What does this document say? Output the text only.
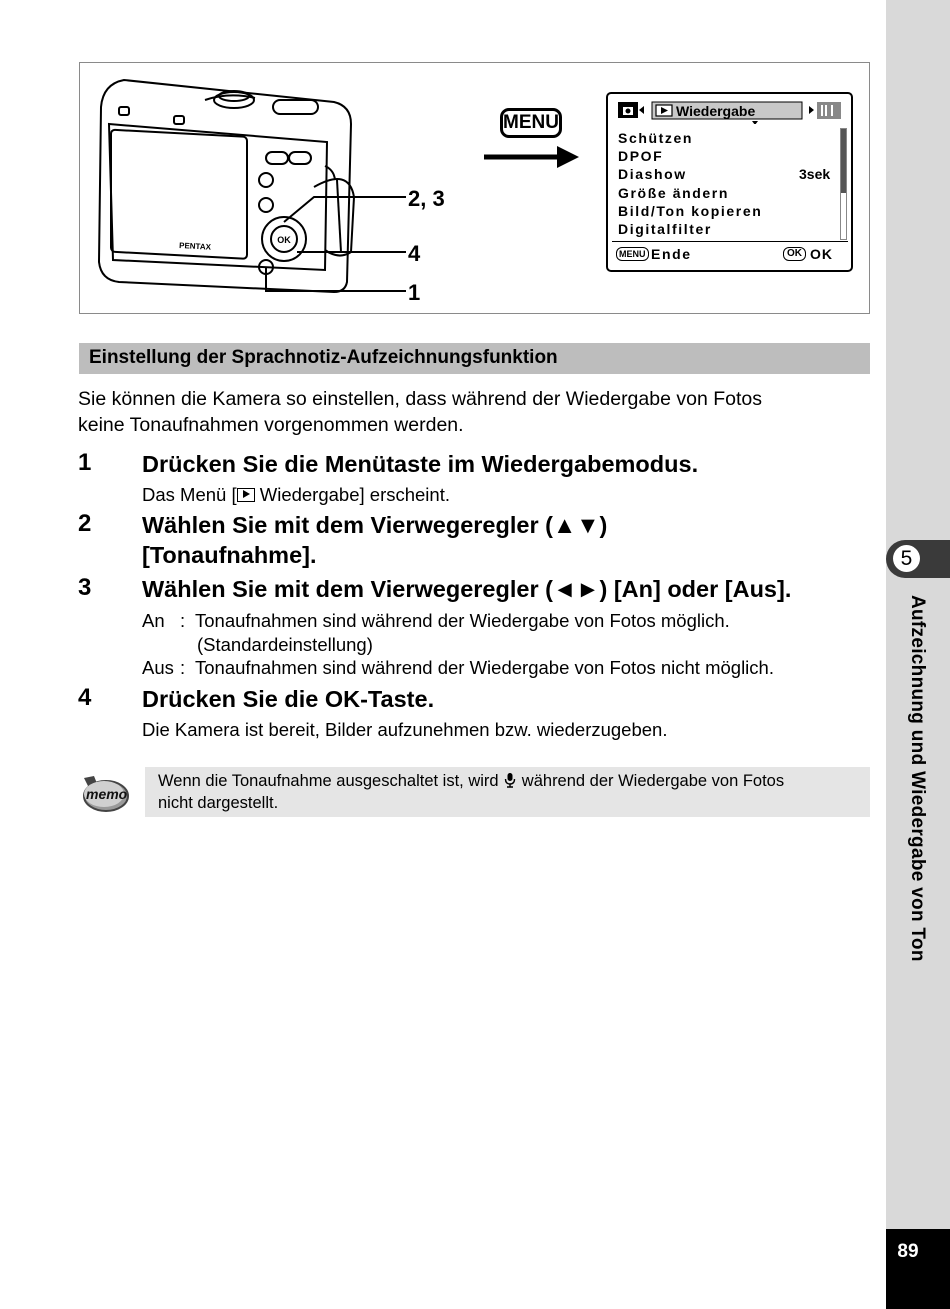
5
Aufzeichnung und Wiedergabe von Ton
89
OK
PENTAX
2, 3
4
1
MENU
Wiedergabe
Schützen
DPOF
Diashow	3sek
Größe ändern
Bild/Ton kopieren
Digitalfilter
MENU Ende	OK OK
Einstellung der Sprachnotiz-Aufzeichnungsfunktion
Sie können die Kamera so einstellen, dass während der Wiedergabe von Fotos
keine Tonaufnahmen vorgenommen werden.
1 Drücken Sie die Menütaste im Wiedergabemodus.
Das Menü [
Wiedergabe] erscheint.
2 Wählen Sie mit dem Vierwegeregler (▲▼)
[Tonaufnahme].
3 Wählen Sie mit dem Vierwegeregler (◄►) [An] oder [Aus].
An : Tonaufnahmen sind während der Wiedergabe von Fotos möglich.
(Standardeinstellung)
Aus : Tonaufnahmen sind während der Wiedergabe von Fotos nicht möglich.
4 Drücken Sie die OK-Taste.
Die Kamera ist bereit, Bilder aufzunehmen bzw. wiederzugeben.
memo
Wenn die Tonaufnahme ausgeschaltet ist, wird während der Wiedergabe von Fotos
nicht dargestellt.
